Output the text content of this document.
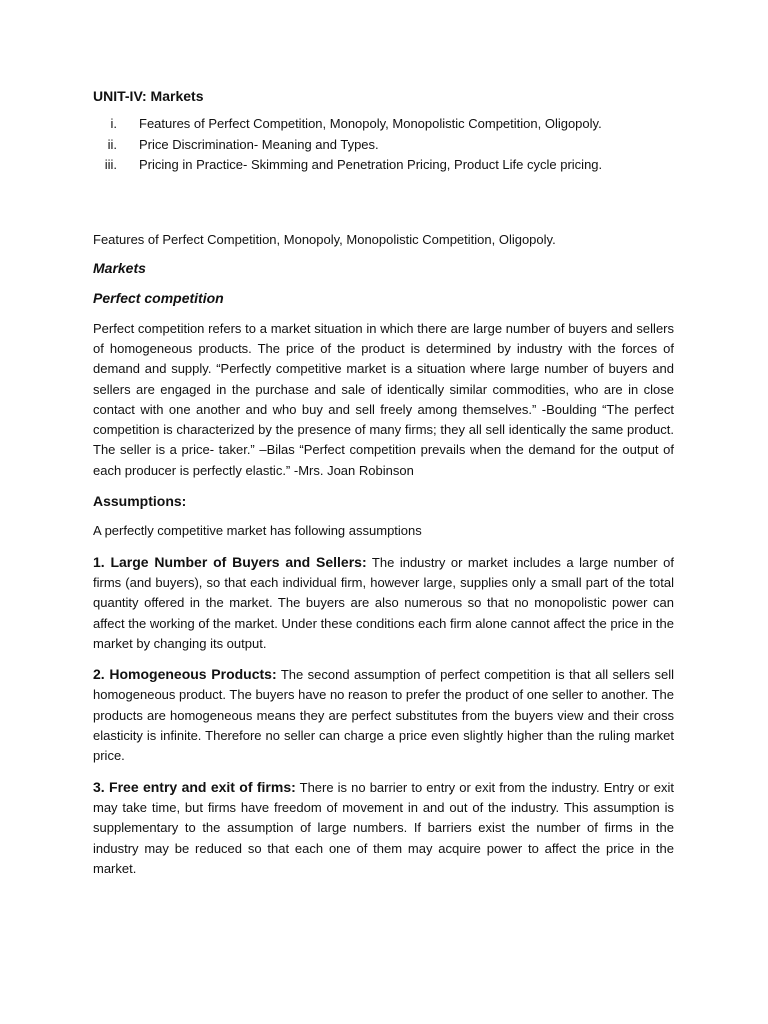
UNIT-IV: Markets
i.	Features of Perfect Competition, Monopoly, Monopolistic Competition, Oligopoly.
ii.	Price Discrimination- Meaning and Types.
iii.	Pricing in Practice- Skimming and Penetration Pricing, Product Life cycle pricing.

Features of Perfect Competition, Monopoly, Monopolistic Competition, Oligopoly.

Markets

Perfect competition

Perfect competition refers to a market situation in which there are large number of buyers and sellers of homogeneous products. The price of the product is determined by industry with the forces of demand and supply. “Perfectly competitive market is a situation where large number of buyers and sellers are engaged in the purchase and sale of identically similar commodities, who are in close contact with one another and who buy and sell freely among themselves.” -Boulding “The perfect competition is characterized by the presence of many firms; they all sell identically the same product. The seller is a price- taker.” –Bilas “Perfect competition prevails when the demand for the output of each producer is perfectly elastic.” -Mrs. Joan Robinson

Assumptions:

A perfectly competitive market has following assumptions

1. Large Number of Buyers and Sellers: The industry or market includes a large number of firms (and buyers), so that each individual firm, however large, supplies only a small part of the total quantity offered in the market. The buyers are also numerous so that no monopolistic power can affect the working of the market. Under these conditions each firm alone cannot affect the price in the market by changing its output.

2. Homogeneous Products: The second assumption of perfect competition is that all sellers sell homogeneous product. The buyers have no reason to prefer the product of one seller to another. The products are homogeneous means they are perfect substitutes from the buyers view and their cross elasticity is infinite. Therefore no seller can charge a price even slightly higher than the ruling market price.

3. Free entry and exit of firms: There is no barrier to entry or exit from the industry. Entry or exit may take time, but firms have freedom of movement in and out of the industry. This assumption is supplementary to the assumption of large numbers. If barriers exist the number of firms in the industry may be reduced so that each one of them may acquire power to affect the price in the market.
